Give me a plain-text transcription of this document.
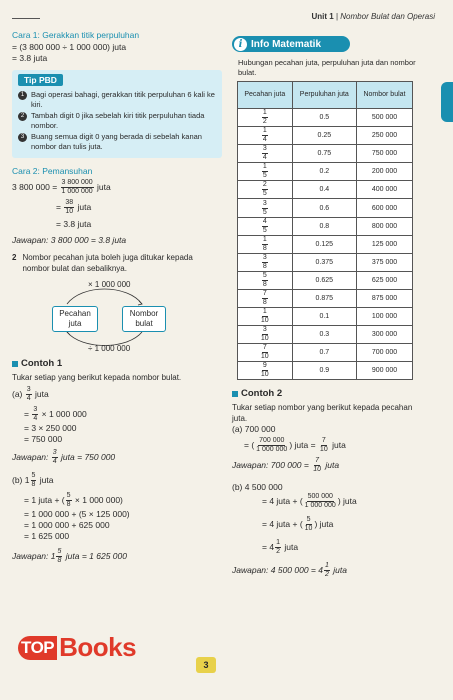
Unit 1 | Nombor Bulat dan Operasi
Cara 1: Gerakkan titik perpuluhan
= (3 800 000 ÷ 1 000 000) juta
= 3.8 juta
Tip PBD
1 Bagi operasi bahagi, gerakkan titik perpuluhan 6 kali ke kiri.
2 Tambah digit 0 jika sebelah kiri titik perpuluhan tiada nombor.
3 Buang semua digit 0 yang berada di sebelah kanan nombor dan tulis juta.
Cara 2: Pemansuhan
3 800 $000 = \frac{3 800 000}{1 000 000}$ juta
= $\frac{38}{10}$ juta
= 3.8 juta
Jawapan: 3 800 000 = 3.8 juta
2 Nombor pecahan juta boleh juga ditukar kepada nombor bulat dan sebaliknya.
× 1 000 000
Pecahan juta
Nombor bulat
÷ 1 000 000
Contoh 1
Tukar setiap yang berikut kepada nombor bulat.
$(a) \frac{3}{4}$ juta
= $\frac{3}{4} \times 1$ 000 000
= 3 × 250 000
= 750 000
Jawapan: $\frac{3}{4}$ juta = 750 000
(b) $1 \frac{5}{8}$ juta
= 1 juta + ( $\frac{5}{8} \times 1$ 000 000)
= 1 000 000 + (5 × 125 000)
= 1 000 000 + 625 000
= 1 625 000
Jawapan: $1 \frac{5}{8}$ juta = 1 625 000
i Info Matematik
Hubungan pecahan juta, perpuluhan juta dan nombor bulat.
Pecahan juta	Perpuluhan juta	Nombor bulat

$\frac{1}{2}$	0.5	500 000

$\frac{1}{4}$	0.25	250 000

$\frac{3}{4}$	0.75	750 000

$\frac{1}{5}$	0.2	200 000

$\frac{2}{5}$	0.4	400 000

$\frac{3}{5}$	0.6	600 000

$\frac{4}{5}$	0.8	800 000

$\frac{1}{8}$	0.125	125 000

$\frac{3}{8}$	0.375	375 000

$\frac{5}{8}$	0.625	625 000

$\frac{7}{8}$	0.875	875 000

$\frac{1}{10}$	0.1	100 000

$\frac{3}{10}$	0.3	300 000

$\frac{7}{10}$	0.7	700 000

$\frac{9}{10}$	0.9	900 000
Contoh 2
Tukar setiap nombor yang berikut kepada pecahan juta.
(a) 700 000
= ( $\frac{700 000}{1 000 000}$ ) juta = $\frac{7}{10}$ juta
Jawapan: 700 $000 = \frac{7}{10}$ juta
(b) 4 500 000
= 4 juta + ( $\frac{500 000}{1 000 000}$ ) juta
= 4 juta + ( $\frac{5}{10}$ ) juta
= $4 \frac{1}{2}$ juta
Jawapan: 4 500 $000 = 4 \frac{1}{2}$ juta
TOP Books
3
